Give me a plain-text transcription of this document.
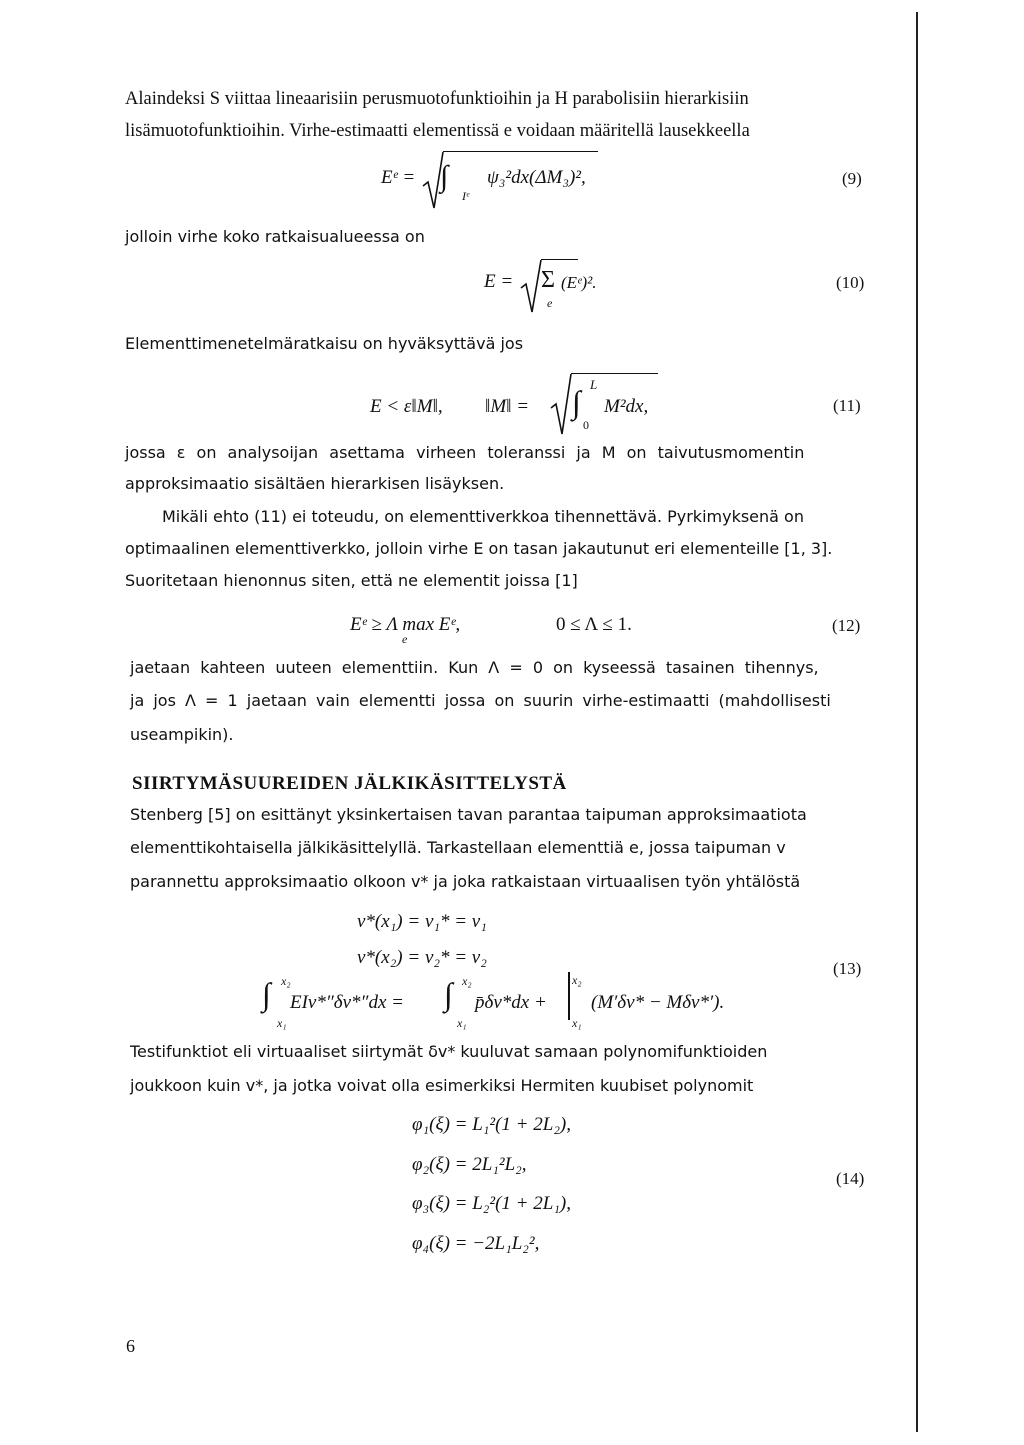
Alaindeksi S viittaa lineaarisiin perusmuotofunktioihin ja H parabolisiin hierarkisiin
lisämuotofunktioihin. Virhe-estimaatti elementissä e voidaan määritellä lausekkeella
Eᵉ = ∫
Iᵉ
ψ₃²dx(ΔM₃)²,	(9)
jolloin virhe koko ratkaisualueessa on
E = Σ
e
(Eᵉ)².	(10)
Elementtimenetelmäratkaisu on hyväksyttävä jos
E < ε‖M‖, ‖M‖ = ∫ L
0
M²dx,	(11)
jossa ε on analysoijan asettama virheen toleranssi ja M on taivutusmomentin
approksimaatio sisältäen hierarkisen lisäyksen.
Mikäli ehto (11) ei toteudu, on elementtiverkkoa tihennettävä. Pyrkimyksenä on
optimaalinen elementtiverkko, jolloin virhe E on tasan jakautunut eri elementeille [1, 3].
Suoritetaan hienonnus siten, että ne elementit joissa [1]
Eᵉ ≥ Λ max Eᵉ,
e
0 ≤ Λ ≤ 1.	(12)
jaetaan kahteen uuteen elementtiin. Kun Λ = 0 on kyseessä tasainen tihennys,
ja jos Λ = 1 jaetaan vain elementti jossa on suurin virhe-estimaatti (mahdollisesti
useampikin).
SIIRTYMÄSUUREIDEN JÄLKIKÄSITTELYSTÄ
Stenberg [5] on esittänyt yksinkertaisen tavan parantaa taipuman approksimaatiota
elementtikohtaisella jälkikäsittelyllä. Tarkastellaan elementtiä e, jossa taipuman v
parannettu approksimaatio olkoon v* ja joka ratkaistaan virtuaalisen työn yhtälöstä
v*(x₁) = v₁* = v₁
v*(x₂) = v₂* = v₂
∫ x₂
x₁
EIv*″δv*″dx = ∫ x₂
x₁
p̄δv*dx +
x₂
x₁
(M′δv* − Mδv*′).
(13)
Testifunktiot eli virtuaaliset siirtymät δv* kuuluvat samaan polynomifunktioiden
joukkoon kuin v*, ja jotka voivat olla esimerkiksi Hermiten kuubiset polynomit
φ₁(ξ) = L₁²(1 + 2L₂),
φ₂(ξ) = 2L₁²L₂,
φ₃(ξ) = L₂²(1 + 2L₁),
φ₄(ξ) = −2L₁L₂²,
(14)
6
